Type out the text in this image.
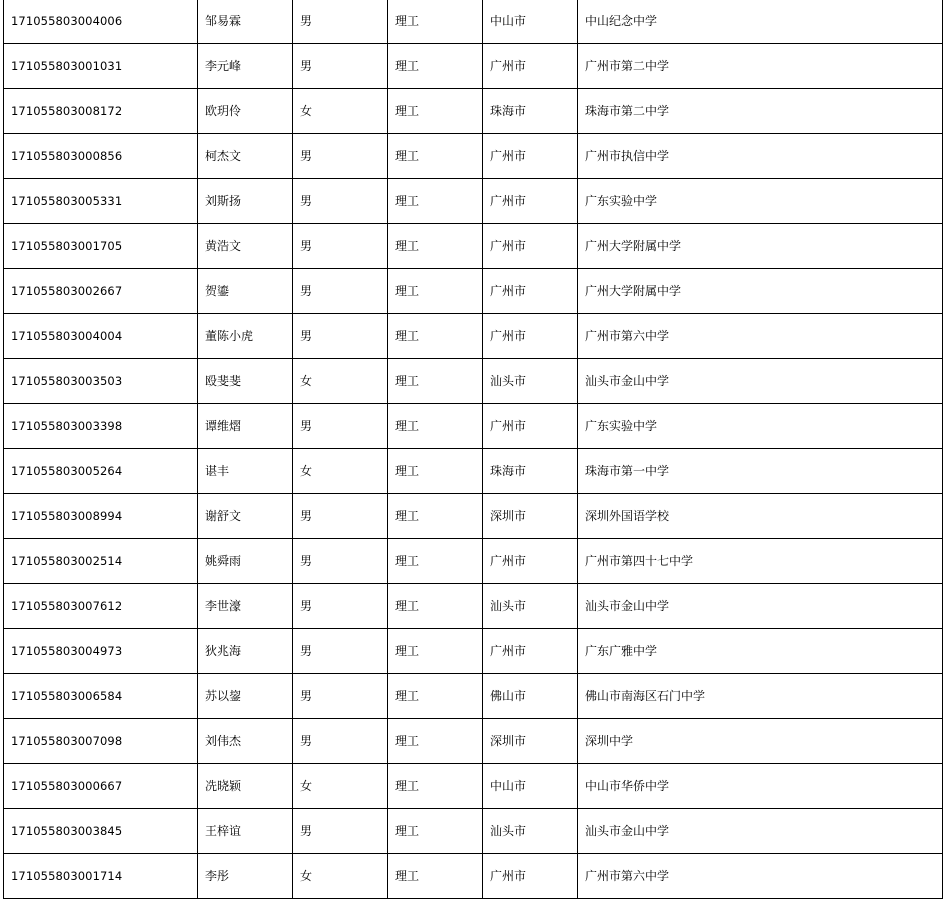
171055803004006	邹易霖	男	理工	中山市	中山纪念中学
171055803001031	李元峰	男	理工	广州市	广州市第二中学
171055803008172	欧玥伶	女	理工	珠海市	珠海市第二中学
171055803000856	柯杰文	男	理工	广州市	广州市执信中学
171055803005331	刘斯扬	男	理工	广州市	广东实验中学
171055803001705	黄浩文	男	理工	广州市	广州大学附属中学
171055803002667	贺鎏	男	理工	广州市	广州大学附属中学
171055803004004	董陈小虎	男	理工	广州市	广州市第六中学
171055803003503	殴斐斐	女	理工	汕头市	汕头市金山中学
171055803003398	谭维熠	男	理工	广州市	广东实验中学
171055803005264	谌丰	女	理工	珠海市	珠海市第一中学
171055803008994	谢舒文	男	理工	深圳市	深圳外国语学校
171055803002514	姚舜雨	男	理工	广州市	广州市第四十七中学
171055803007612	李世濠	男	理工	汕头市	汕头市金山中学
171055803004973	狄兆海	男	理工	广州市	广东广雅中学
171055803006584	苏以鋆	男	理工	佛山市	佛山市南海区石门中学
171055803007098	刘伟杰	男	理工	深圳市	深圳中学
171055803000667	冼晓颖	女	理工	中山市	中山市华侨中学
171055803003845	王梓谊	男	理工	汕头市	汕头市金山中学
171055803001714	李彤	女	理工	广州市	广州市第六中学
